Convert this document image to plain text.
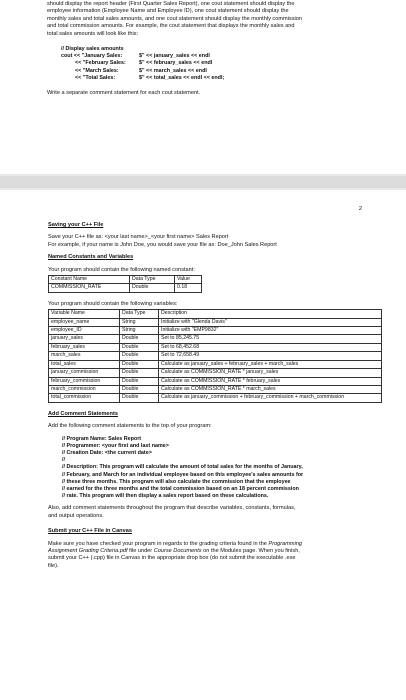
should display the report header (First Quarter Sales Report), one cout statement should display the
employee information (Employee Name and Employee ID), one cout statement should display the
monthly sales and total sales amounts, and one cout statement should display the monthly commission
and total commission amounts. For example, the cout statement that displays the monthly sales and
total sales amounts will look like this:
// Display sales amounts
cout << "January Sales:	$" << january_sales << endl
<< "February Sales:	$" << february_sales << endl
<< "March Sales:	$" << march_sales << endl
<< "Total Sales:	$" << total_sales << endl << endl;
Write a separate comment statement for each cout statement.
2
Saving your C++ File
Save your C++ file as: <your last name>_<your first name> Sales Report
For example, if your name is John Doe, you would save your file as: Doe_John Sales Report
Named Constants and Variables
Your program should contain the following named constant:
Constant Name	Data Type	Value
COMMISSION_RATE	Double	0.18
Your program should contain the following variables:
Variable Name	Data Type	Description
employee_name	String	Initialize with "Glenda Davis"
employee_ID	String	Initialize with "EMP9832"
january_sales	Double	Set to 85,245.75
february_sales	Double	Set to 68,452.68
march_sales	Double	Set to 72,658.49
total_sales	Double	Calculate as january_sales + february_sales + march_sales
january_commission	Double	Calculate as COMMISSION_RATE * january_sales
february_commission	Double	Calculate as COMMISSION_RATE * february_sales
march_commission	Double	Calculate as COMMISSION_RATE * march_sales
total_commission	Double	Calculate as january_commission + february_commission + march_commission
Add Comment Statements
Add the following comment statements to the top of your program:
// Program Name: Sales Report
// Programmer: <your first and last name>
// Creation Date: <the current date>
//
// Description: This program will calculate the amount of total sales for the months of January,
// February, and March for an individual employee based on this employee's sales amounts for
// these three months. This program will also calculate the commission that the employee
// earned for the three months and the total commission based on an 18 percent commission
// rate. This program will then display a sales report based on these calculations.
Also, add comment statements throughout the program that describe variables, constants, formulas,
and output operations.
Submit your C++ File in Canvas
Make sure you have checked your program in regards to the grading criteria found in the Programming
Assignment Grading Criteria.pdf file under Course Documents on the Modules page. When you finish,
submit your C++ (.cpp) file in Canvas in the appropriate drop box (do not submit the executable .exe
file).
